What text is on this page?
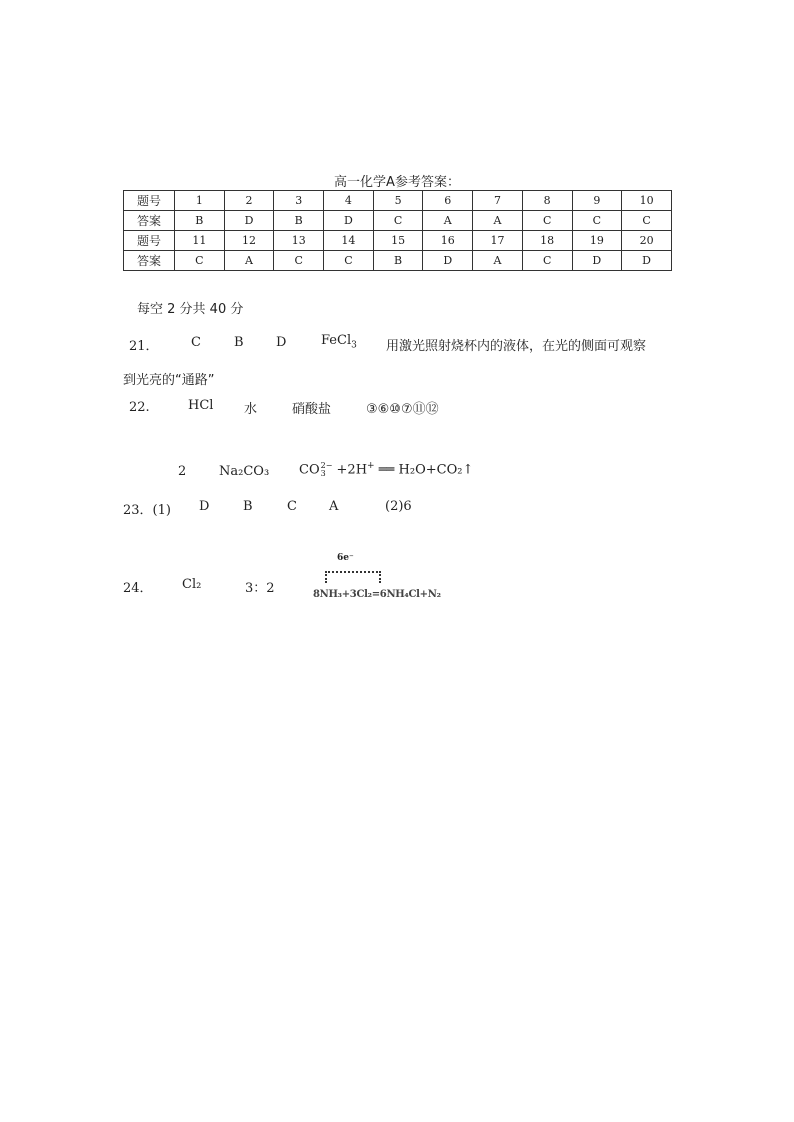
高一化学A参考答案：
题号	1	2	3	4	5	6	7	8	9	10
答案	B	D	B	D	C	A	A	C	C	C
题号	11	12	13	14	15	16	17	18	19	20
答案	C	A	C	C	B	D	A	C	D	D
每空 2 分共 40 分
21． C	B D	FeCl$_3$ 用激光照射烧杯内的液体，在光的侧面可观察
到光亮的“通路”
22.	HCl 水	硝酸盐	③⑥⑩⑦⑪⑫
2	Na₂CO₃ CO 2−
3 +2H+ ══ H₂O+CO₂↑
23．(1) D	B	C A	(2)6
24． Cl₂	3：2
6e⁻
8NH₃+3Cl₂=6NH₄Cl+N₂
